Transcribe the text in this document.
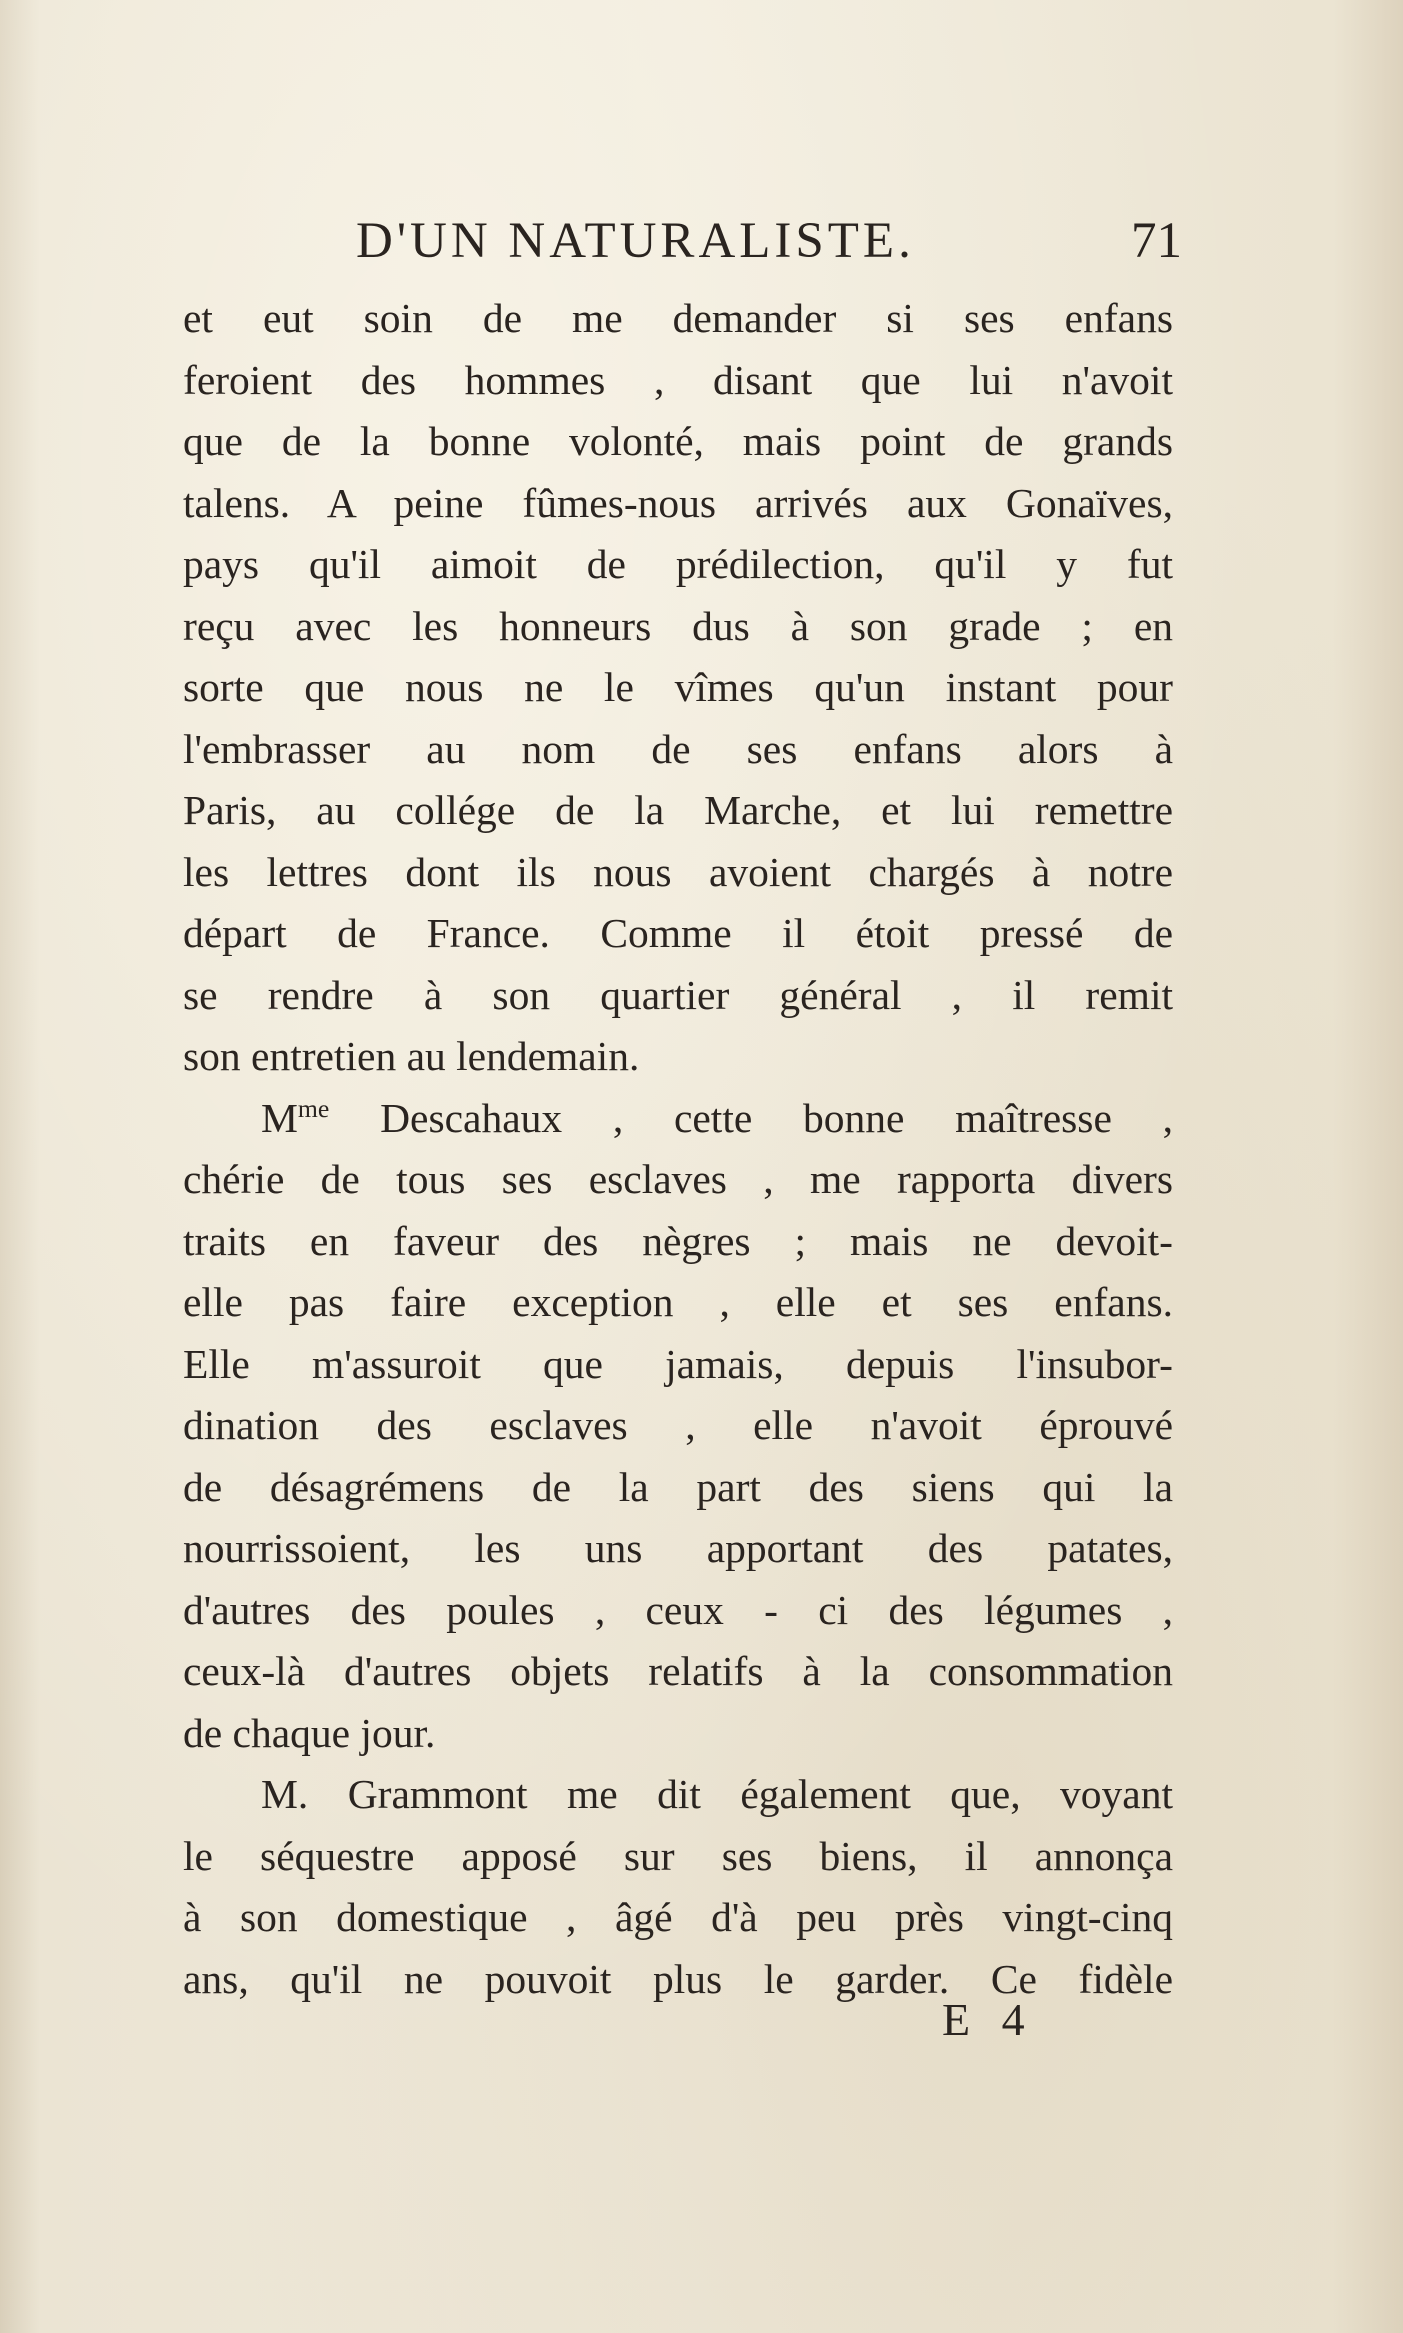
D'UN NATURALISTE.	71
et eut soin de me demander si ses enfans
feroient des hommes , disant que lui n'avoit
que de la bonne volonté, mais point de grands
talens. A peine fûmes-nous arrivés aux Gonaïves,
pays qu'il aimoit de prédilection, qu'il y fut
reçu avec les honneurs dus à son grade ; en
sorte que nous ne le vîmes qu'un instant pour
l'embrasser au nom de ses enfans alors à
Paris, au collége de la Marche, et lui remettre
les lettres dont ils nous avoient chargés à notre
départ de France. Comme il étoit pressé de
se rendre à son quartier général , il remit
son entretien au lendemain.
$M^{me}$ Descahaux , cette bonne maîtresse ,
chérie de tous ses esclaves , me rapporta divers
traits en faveur des nègres ; mais ne devoit-
elle pas faire exception , elle et ses enfans.
Elle m'assuroit que jamais, depuis l'insubor-
dination des esclaves , elle n'avoit éprouvé
de désagrémens de la part des siens qui la
nourrissoient, les uns apportant des patates,
d'autres des poules , ceux - ci des légumes ,
ceux-là d'autres objets relatifs à la consommation
de chaque jour.
M. Grammont me dit également que, voyant
le séquestre apposé sur ses biens, il annonça
à son domestique , âgé d'à peu près vingt-cinq
ans, qu'il ne pouvoit plus le garder. Ce fidèle
E 4
